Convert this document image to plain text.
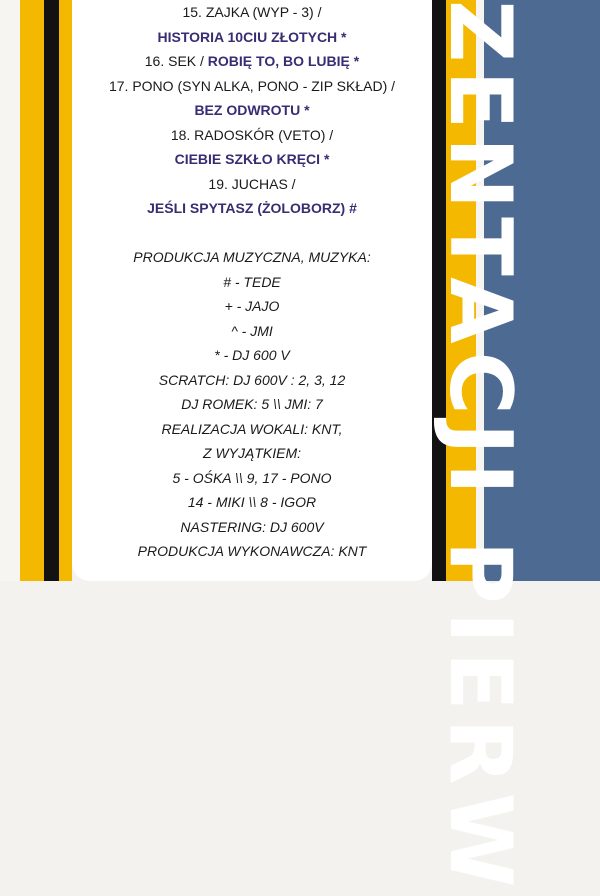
ZENTACJI PIERW
15. ZAJKA (WYP - 3) /
HISTORIA 10CIU ZŁOTYCH *
16. SEK / ROBIĘ TO, BO LUBIĘ *
17. PONO (SYN ALKA, PONO - ZIP SKŁAD) /
BEZ ODWROTU *
18. RADOSKÓR (VETO) /
CIEBIE SZKŁO KRĘCI *
19. JUCHAS /
JEŚLI SPYTASZ (ŻOLOBORZ) #
PRODUKCJA MUZYCZNA, MUZYKA:
# - TEDE
+ - JAJO
^ - JMI
* - DJ 600 V
SCRATCH: DJ 600V : 2, 3, 12
DJ ROMEK: 5 \\ JMI: 7
REALIZACJA WOKALI: KNT,
Z WYJĄTKIEM:
5 - OŚKA \\ 9, 17 - PONO
14 - MIKI \\ 8 - IGOR
NASTERING: DJ 600V
PRODUKCJA WYKONAWCZA: KNT
